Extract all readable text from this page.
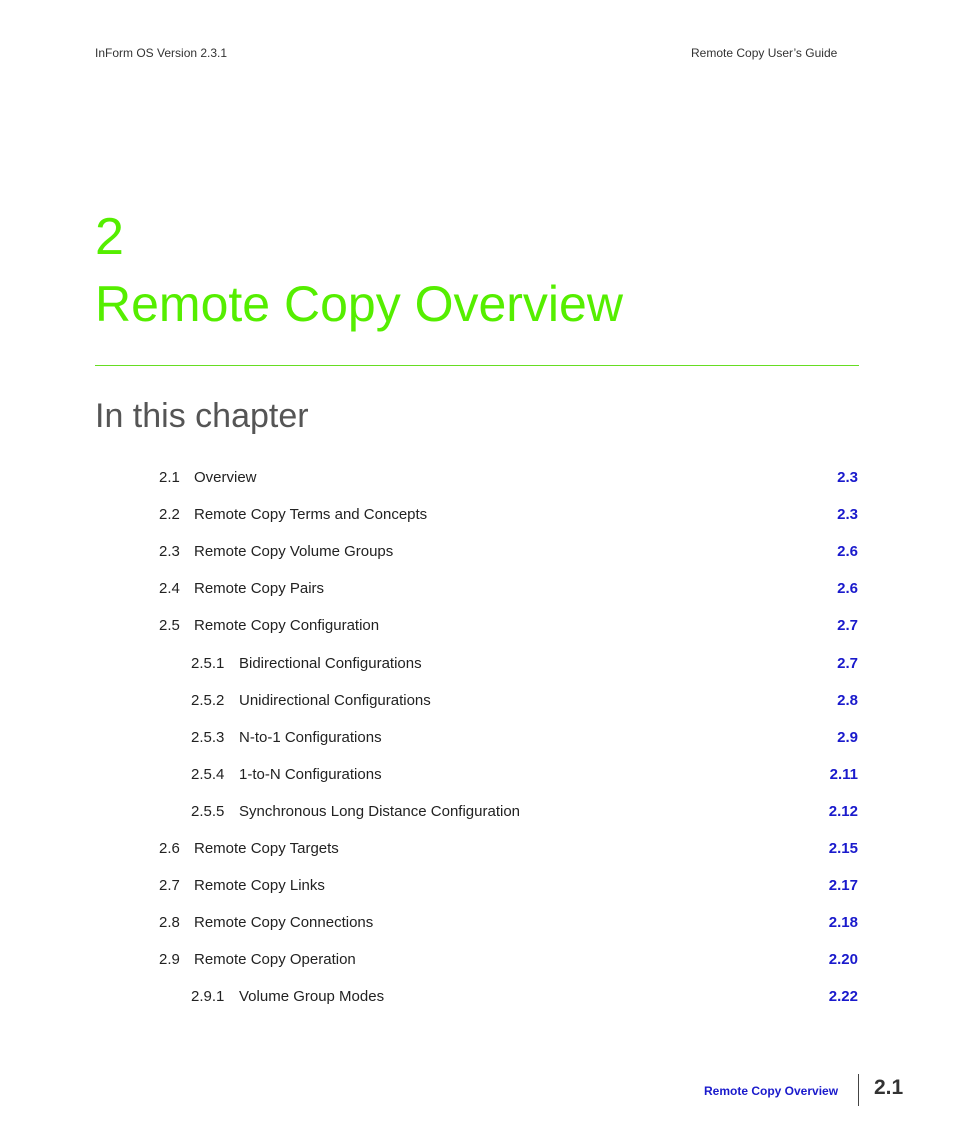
InForm OS Version 2.3.1	Remote Copy User’s Guide
2
Remote Copy Overview
In this chapter
2.1 Overview	2.3
2.2 Remote Copy Terms and Concepts	2.3
2.3 Remote Copy Volume Groups	2.6
2.4 Remote Copy Pairs	2.6
2.5 Remote Copy Configuration	2.7
2.5.1 Bidirectional Configurations	2.7
2.5.2 Unidirectional Configurations	2.8
2.5.3 N-to-1 Configurations	2.9
2.5.4 1-to-N Configurations	2.11
2.5.5 Synchronous Long Distance Configuration	2.12
2.6 Remote Copy Targets	2.15
2.7 Remote Copy Links	2.17
2.8 Remote Copy Connections	2.18
2.9 Remote Copy Operation	2.20
2.9.1 Volume Group Modes	2.22
Remote Copy Overview 2.1
